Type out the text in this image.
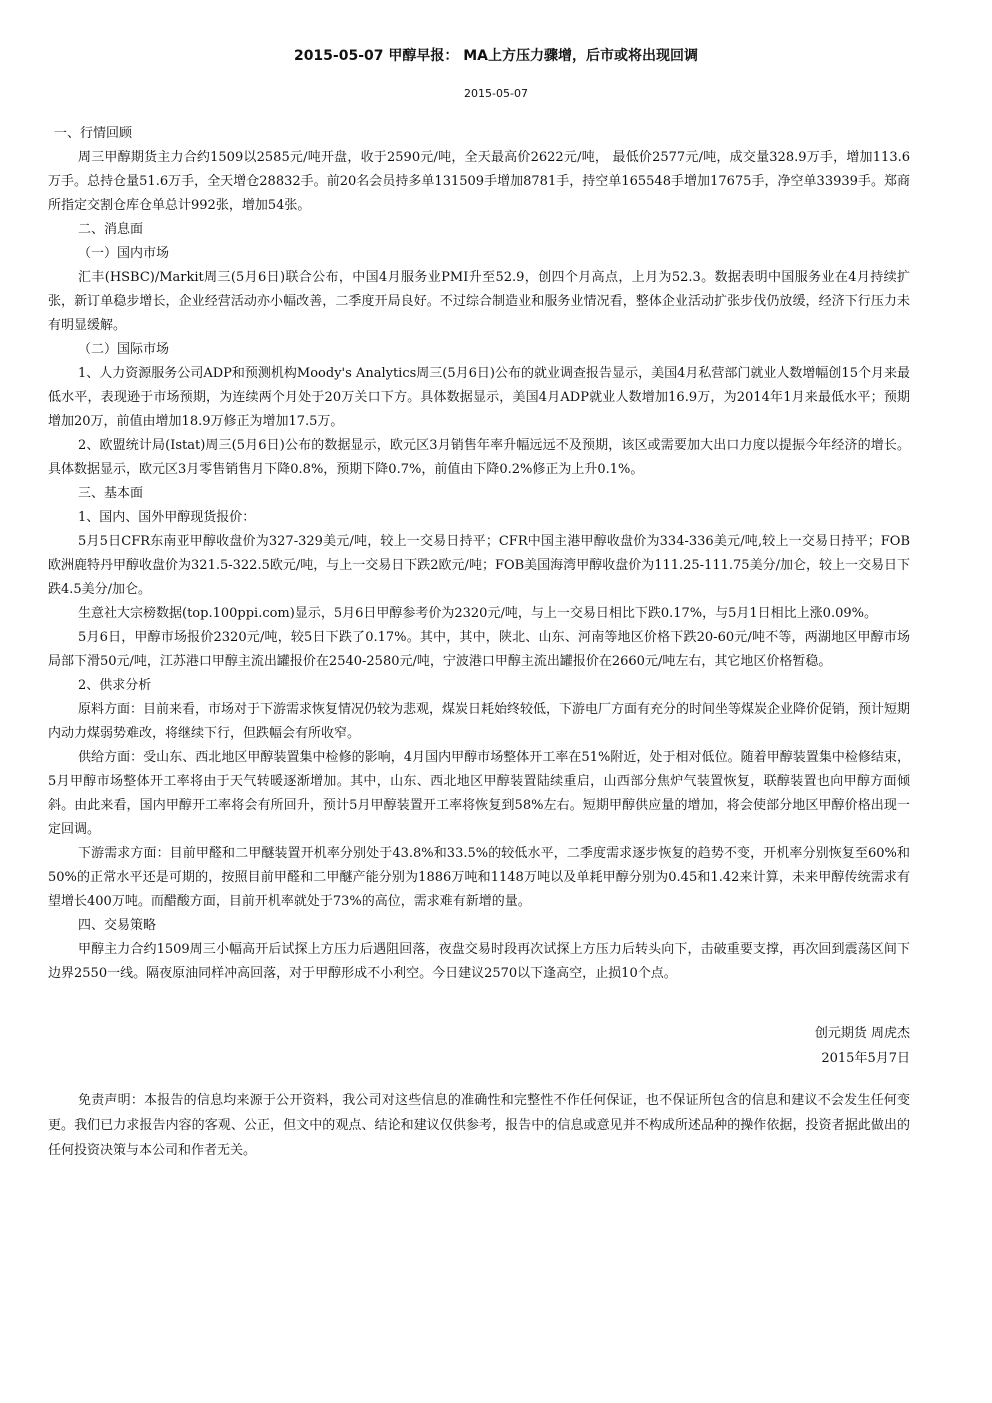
2015-05-07 甲醇早报： MA上方压力骤增，后市或将出现回调
2015-05-07

一、行情回顾

周三甲醇期货主力合约1509以2585元/吨开盘，收于2590元/吨，全天最高价2622元/吨， 最低价2577元/吨，成交量328.9万手，增加113.6万手。总持仓量51.6万手，全天增仓28832手。前20名会员持多单131509手增加8781手，持空单165548手增加17675手，净空单33939手。郑商所指定交割仓库仓单总计992张，增加54张。

二、消息面

（一）国内市场

汇丰(HSBC)/Markit周三(5月6日)联合公布，中国4月服务业PMI升至52.9，创四个月高点，上月为52.3。数据表明中国服务业在4月持续扩张，新订单稳步增长，企业经营活动亦小幅改善，二季度开局良好。不过综合制造业和服务业情况看，整体企业活动扩张步伐仍放缓，经济下行压力未有明显缓解。

（二）国际市场

1、人力资源服务公司ADP和预测机构Moody's Analytics周三(5月6日)公布的就业调查报告显示，美国4月私营部门就业人数增幅创15个月来最低水平，表现逊于市场预期，为连续两个月处于20万关口下方。具体数据显示，美国4月ADP就业人数增加16.9万，为2014年1月来最低水平；预期增加20万，前值由增加18.9万修正为增加17.5万。

2、欧盟统计局(Istat)周三(5月6日)公布的数据显示，欧元区3月销售年率升幅远远不及预期，该区或需要加大出口力度以提振今年经济的增长。具体数据显示，欧元区3月零售销售月下降0.8%，预期下降0.7%，前值由下降0.2%修正为上升0.1%。

三、基本面

1、国内、国外甲醇现货报价：

5月5日CFR东南亚甲醇收盘价为327-329美元/吨，较上一交易日持平；CFR中国主港甲醇收盘价为334-336美元/吨,较上一交易日持平；FOB欧洲鹿特丹甲醇收盘价为321.5-322.5欧元/吨，与上一交易日下跌2欧元/吨；FOB美国海湾甲醇收盘价为111.25-111.75美分/加仑，较上一交易日下跌4.5美分/加仑。

生意社大宗榜数据(top.100ppi.com)显示，5月6日甲醇参考价为2320元/吨，与上一交易日相比下跌0.17%，与5月1日相比上涨0.09%。

5月6日，甲醇市场报价2320元/吨，较5日下跌了0.17%。其中，其中，陕北、山东、河南等地区价格下跌20-60元/吨不等，两湖地区甲醇市场局部下滑50元/吨，江苏港口甲醇主流出罐报价在2540-2580元/吨，宁波港口甲醇主流出罐报价在2660元/吨左右，其它地区价格暂稳。

2、供求分析

原料方面：目前来看，市场对于下游需求恢复情况仍较为悲观，煤炭日耗始终较低，下游电厂方面有充分的时间坐等煤炭企业降价促销，预计短期内动力煤弱势难改，将继续下行，但跌幅会有所收窄。

供给方面：受山东、西北地区甲醇装置集中检修的影响，4月国内甲醇市场整体开工率在51%附近，处于相对低位。随着甲醇装置集中检修结束，5月甲醇市场整体开工率将由于天气转暖逐渐增加。其中，山东、西北地区甲醇装置陆续重启，山西部分焦炉气装置恢复，联醇装置也向甲醇方面倾斜。由此来看，国内甲醇开工率将会有所回升，预计5月甲醇装置开工率将恢复到58%左右。短期甲醇供应量的增加，将会使部分地区甲醇价格出现一定回调。

下游需求方面：目前甲醛和二甲醚装置开机率分别处于43.8%和33.5%的较低水平，二季度需求逐步恢复的趋势不变，开机率分别恢复至60%和50%的正常水平还是可期的，按照目前甲醛和二甲醚产能分别为1886万吨和1148万吨以及单耗甲醇分别为0.45和1.42来计算，未来甲醇传统需求有望增长400万吨。而醋酸方面，目前开机率就处于73%的高位，需求难有新增的量。

四、交易策略

甲醇主力合约1509周三小幅高开后试探上方压力后遇阻回落，夜盘交易时段再次试探上方压力后转头向下，击破重要支撑，再次回到震荡区间下边界2550一线。隔夜原油同样冲高回落，对于甲醇形成不小利空。今日建议2570以下逢高空，止损10个点。

创元期货 周虎杰
2015年5月7日

免责声明：本报告的信息均来源于公开资料，我公司对这些信息的准确性和完整性不作任何保证，也不保证所包含的信息和建议不会发生任何变更。我们已力求报告内容的客观、公正，但文中的观点、结论和建议仅供参考，报告中的信息或意见并不构成所述品种的操作依据，投资者据此做出的任何投资决策与本公司和作者无关。
